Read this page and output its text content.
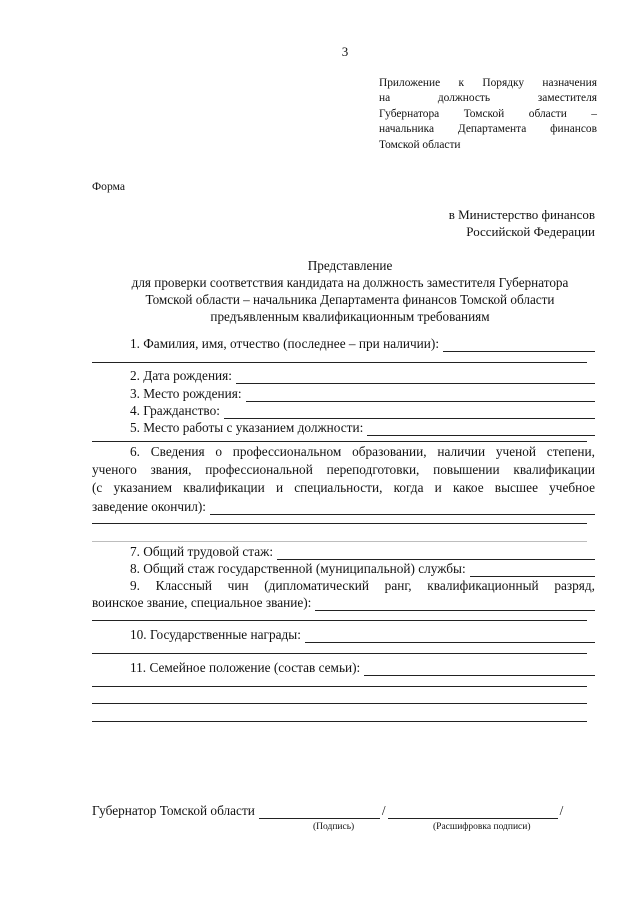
3
Приложение к Порядку назначения
на должность заместителя
Губернатора Томской области –
начальника Департамента финансов
Томской области
Форма
в Министерство финансов
Российской Федерации
Представление
для проверки соответствия кандидата на должность заместителя Губернатора
Томской области – начальника Департамента финансов Томской области
предъявленным квалификационным требованиям
1. Фамилия, имя, отчество (последнее – при наличии):
2. Дата рождения:
3. Место рождения:
4. Гражданство:
5. Место работы с указанием должности:
6. Сведения о профессиональном образовании, наличии ученой степени,
ученого звания, профессиональной переподготовки, повышении квалификации
(с указанием квалификации и специальности, когда и какое высшее учебное
заведение окончил):
7. Общий трудовой стаж:
8. Общий стаж государственной (муниципальной) службы:
9. Классный чин (дипломатический ранг, квалификационный разряд,
воинское звание, специальное звание):
10. Государственные награды:
11. Семейное положение (состав семьи):
Губернатор Томской области	/	/
(Подпись)	(Расшифровка подписи)
